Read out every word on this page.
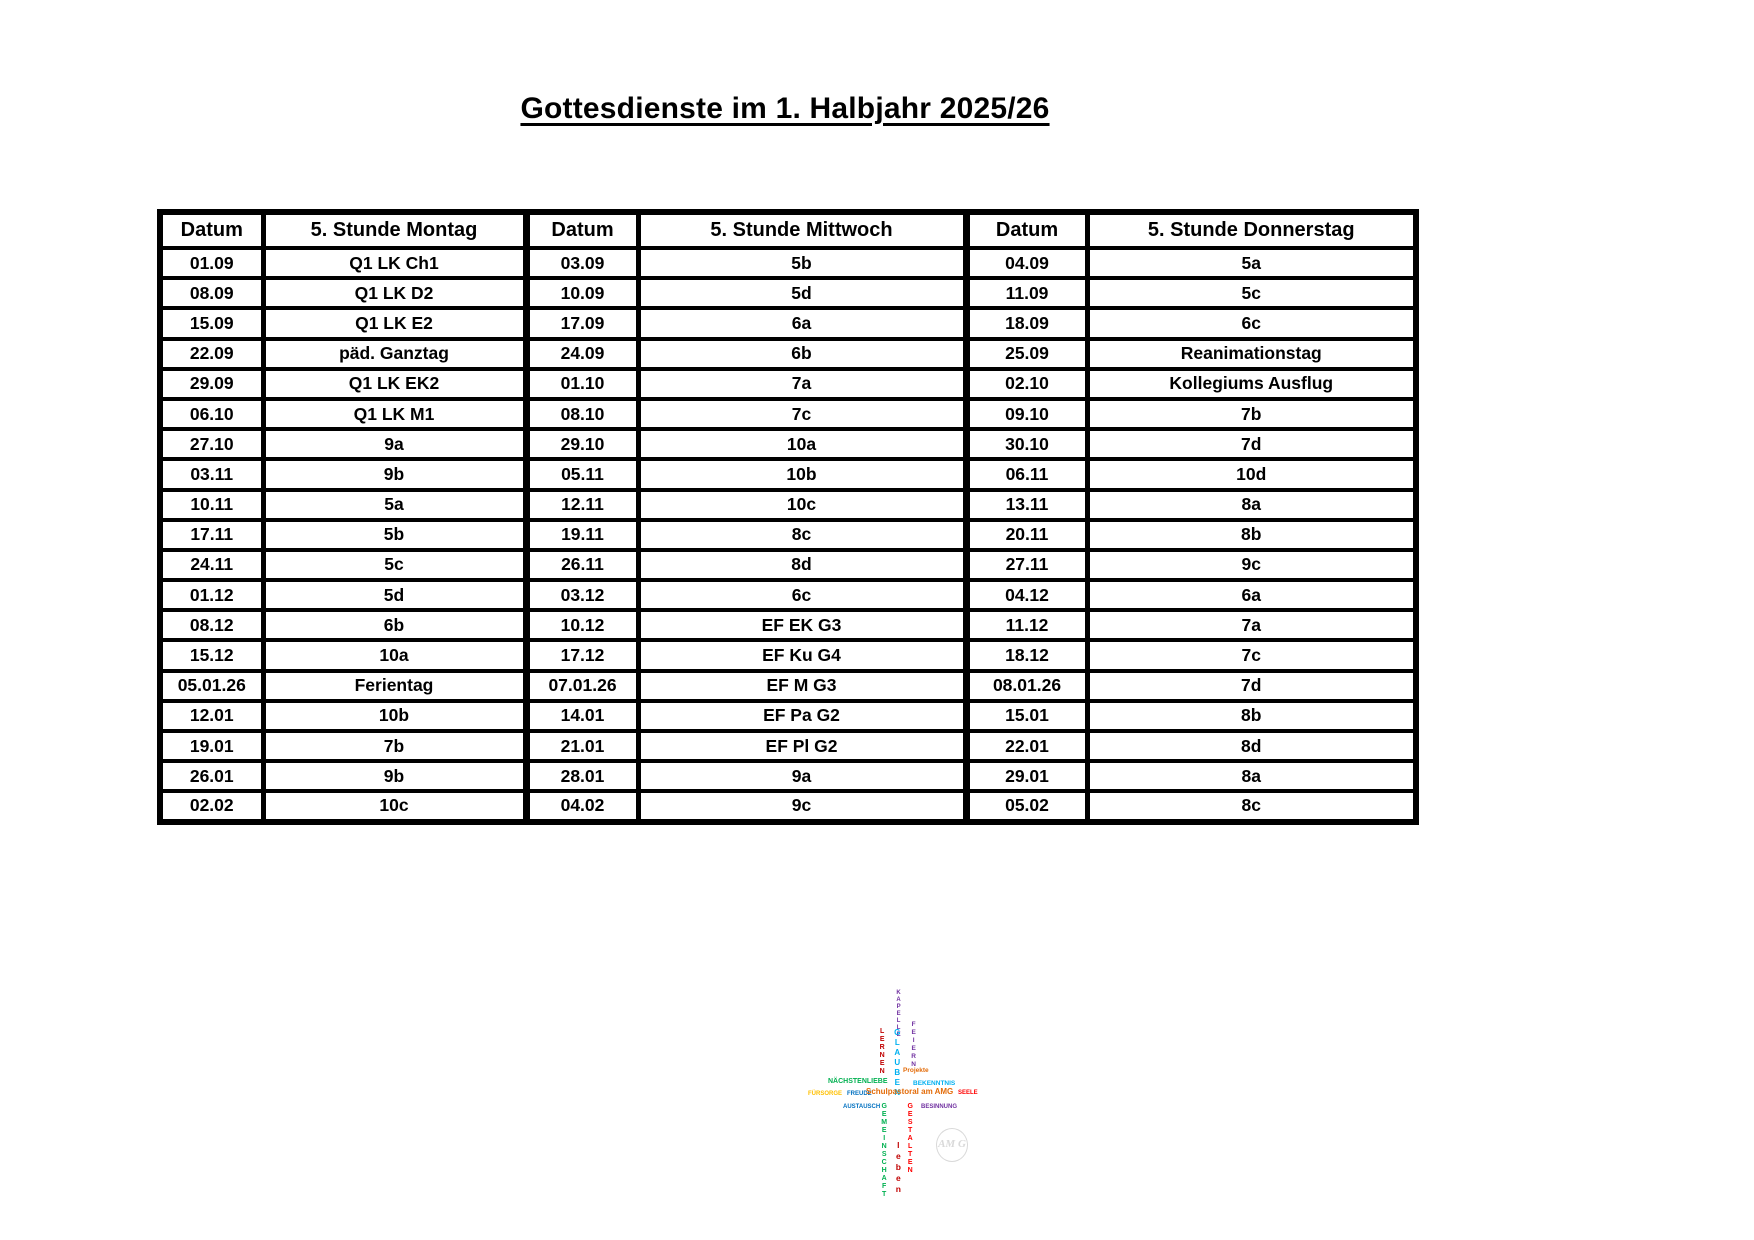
Gottesdienste im 1. Halbjahr 2025/26
Datum	5. Stunde Montag	Datum	5. Stunde Mittwoch	Datum	5. Stunde Donnerstag
01.09	Q1 LK Ch1	03.09	5b	04.09	5a
08.09	Q1 LK D2	10.09	5d	11.09	5c
15.09	Q1 LK E2	17.09	6a	18.09	6c
22.09	päd. Ganztag	24.09	6b	25.09	Reanimationstag
29.09	Q1 LK EK2	01.10	7a	02.10	Kollegiums Ausflug
06.10	Q1 LK M1	08.10	7c	09.10	7b
27.10	9a	29.10	10a	30.10	7d
03.11	9b	05.11	10b	06.11	10d
10.11	5a	12.11	10c	13.11	8a
17.11	5b	19.11	8c	20.11	8b
24.11	5c	26.11	8d	27.11	9c
01.12	5d	03.12	6c	04.12	6a
08.12	6b	10.12	EF EK G3	11.12	7a
15.12	10a	17.12	EF Ku G4	18.12	7c
05.01.26	Ferientag	07.01.26	EF M G3	08.01.26	7d
12.01	10b	14.01	EF Pa G2	15.01	8b
19.01	7b	21.01	EF Pl G2	22.01	8d
26.01	9b	28.01	9a	29.01	8a
02.02	10c	04.02	9c	05.02	8c
AM G
KAPELLE
FEIERN
LERNEN GLAUBEN Projekte
NÄCHSTENLIEBE	BEKENNTNIS
FÜRSORGE FREUDE
Schulpastoral am AMG SEELE
AUSTAUSCH	BESINNUNG
GEMEINSCHAFT	GESTALTEN
leben
